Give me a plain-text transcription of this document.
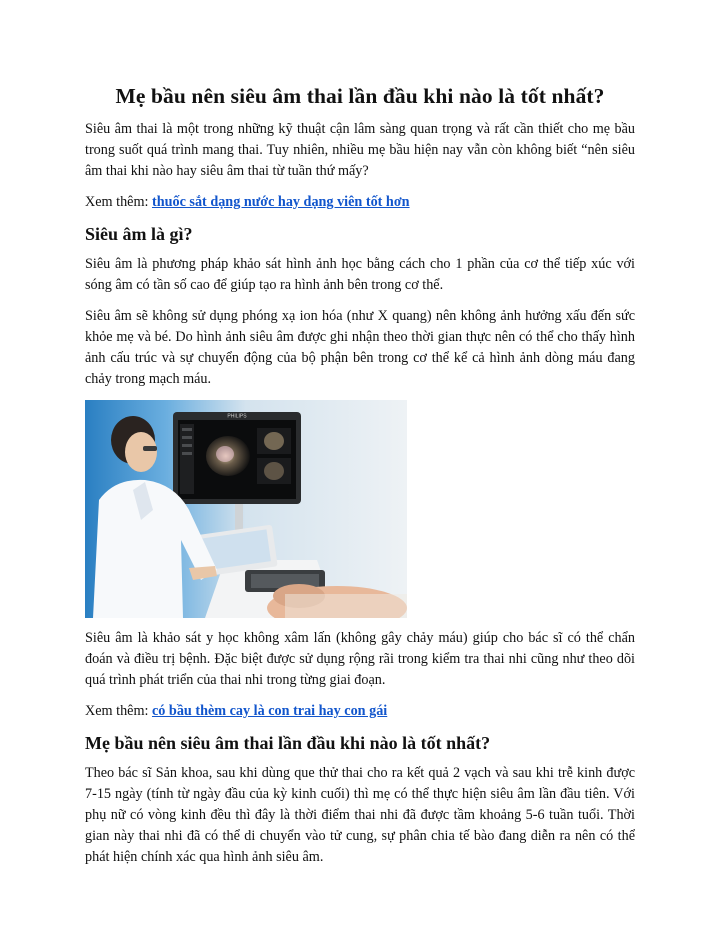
Mẹ bầu nên siêu âm thai lần đầu khi nào là tốt nhất?

Siêu âm thai là một trong những kỹ thuật cận lâm sàng quan trọng và rất cần thiết cho mẹ bầu trong suốt quá trình mang thai. Tuy nhiên, nhiều mẹ bầu hiện nay vẫn còn không biết “nên siêu âm thai khi nào hay siêu âm thai từ tuần thứ mấy?

Xem thêm: thuốc sắt dạng nước hay dạng viên tốt hơn

Siêu âm là gì?

Siêu âm là phương pháp khảo sát hình ảnh học bằng cách cho 1 phần của cơ thể tiếp xúc với sóng âm có tần số cao để giúp tạo ra hình ảnh bên trong cơ thể.

Siêu âm sẽ không sử dụng phóng xạ ion hóa (như X quang) nên không ảnh hưởng xấu đến sức khỏe mẹ và bé. Do hình ảnh siêu âm được ghi nhận theo thời gian thực nên có thể cho thấy hình ảnh cấu trúc và sự chuyển động của bộ phận bên trong cơ thể kể cả hình ảnh dòng máu đang chảy trong mạch máu.

PHILIPS

Siêu âm là khảo sát y học không xâm lấn (không gây chảy máu) giúp cho bác sĩ có thể chẩn đoán và điều trị bệnh. Đặc biệt được sử dụng rộng rãi trong kiểm tra thai nhi cũng như theo dõi quá trình phát triển của thai nhi trong từng giai đoạn.

Xem thêm: có bầu thèm cay là con trai hay con gái

Mẹ bầu nên siêu âm thai lần đầu khi nào là tốt nhất?

Theo bác sĩ Sản khoa, sau khi dùng que thử thai cho ra kết quả 2 vạch và sau khi trễ kinh được 7-15 ngày (tính từ ngày đầu của kỳ kinh cuối) thì mẹ có thể thực hiện siêu âm lần đầu tiên. Với phụ nữ có vòng kinh đều thì đây là thời điểm thai nhi đã được tầm khoảng 5-6 tuần tuổi. Thời gian này thai nhi đã có thể di chuyển vào tử cung, sự phân chia tế bào đang diễn ra nên có thể phát hiện chính xác qua hình ảnh siêu âm.
